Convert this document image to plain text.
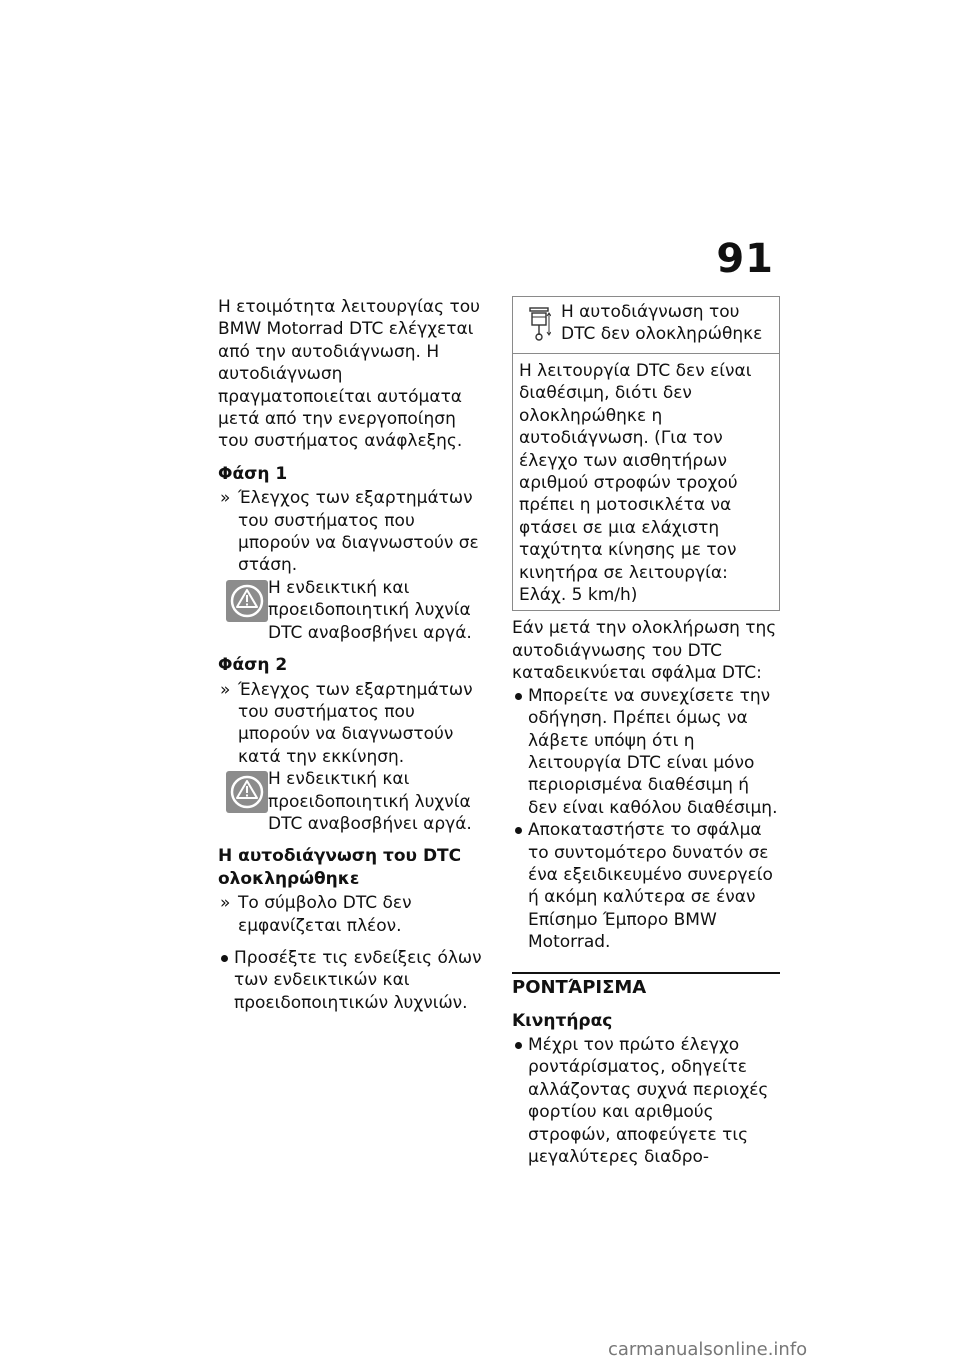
91

Η ετοιμότητα λειτουργίας του BMW Motorrad DTC ελέγχεται από την αυτοδιάγνωση. Η αυτοδιάγνωση πραγματοποιείται αυτόματα μετά από την ενεργοποίηση του συστήματος ανάφλεξης.

Φάση 1

» Έλεγχος των εξαρτημάτων του συστήματος που μπορούν να διαγνωστούν σε στάση.

Η ενδεικτική και προειδοποιητική λυχνία DTC αναβοσβήνει αργά.

Φάση 2

» Έλεγχος των εξαρτημάτων του συστήματος που μπορούν να διαγνωστούν κατά την εκκίνηση.

Η ενδεικτική και προειδοποιητική λυχνία DTC αναβοσβήνει αργά.

Η αυτοδιάγνωση του DTC ολοκληρώθηκε

» Το σύμβολο DTC δεν εμφανίζεται πλέον.

Προσέξτε τις ενδείξεις όλων των ενδεικτικών και προειδοποιητικών λυχνιών.

Η αυτοδιάγνωση του DTC δεν ολοκληρώθηκε

Η λειτουργία DTC δεν είναι διαθέσιμη, διότι δεν ολοκληρώθηκε η αυτοδιάγνωση. (Για τον έλεγχο των αισθητήρων αριθμού στροφών τροχού πρέπει η μοτοσικλέτα να φτάσει σε μια ελάχιστη ταχύτητα κίνησης με τον κινητήρα σε λειτουργία: Ελάχ. 5 km/h)

Εάν μετά την ολοκλήρωση της αυτοδιάγνωσης του DTC καταδεικνύεται σφάλμα DTC:

Μπορείτε να συνεχίσετε την οδήγηση. Πρέπει όμως να λάβετε υπόψη ότι η λειτουργία DTC είναι μόνο περιορισμένα διαθέσιμη ή δεν είναι καθόλου διαθέσιμη.

Αποκαταστήστε το σφάλμα το συντομότερο δυνατόν σε ένα εξειδικευμένο συνεργείο ή ακόμη καλύτερα σε έναν Επίσημο Έμπορο BMW Motorrad.

ΡΟΝΤΆΡΙΣΜΑ
Κινητήρας

Μέχρι τον πρώτο έλεγχο ροντάρίσματος, οδηγείτε αλλάζοντας συχνά περιοχές φορτίου και αριθμούς στροφών, αποφεύγετε τις μεγαλύτερες διαδρο-

carmanualsonline.info
